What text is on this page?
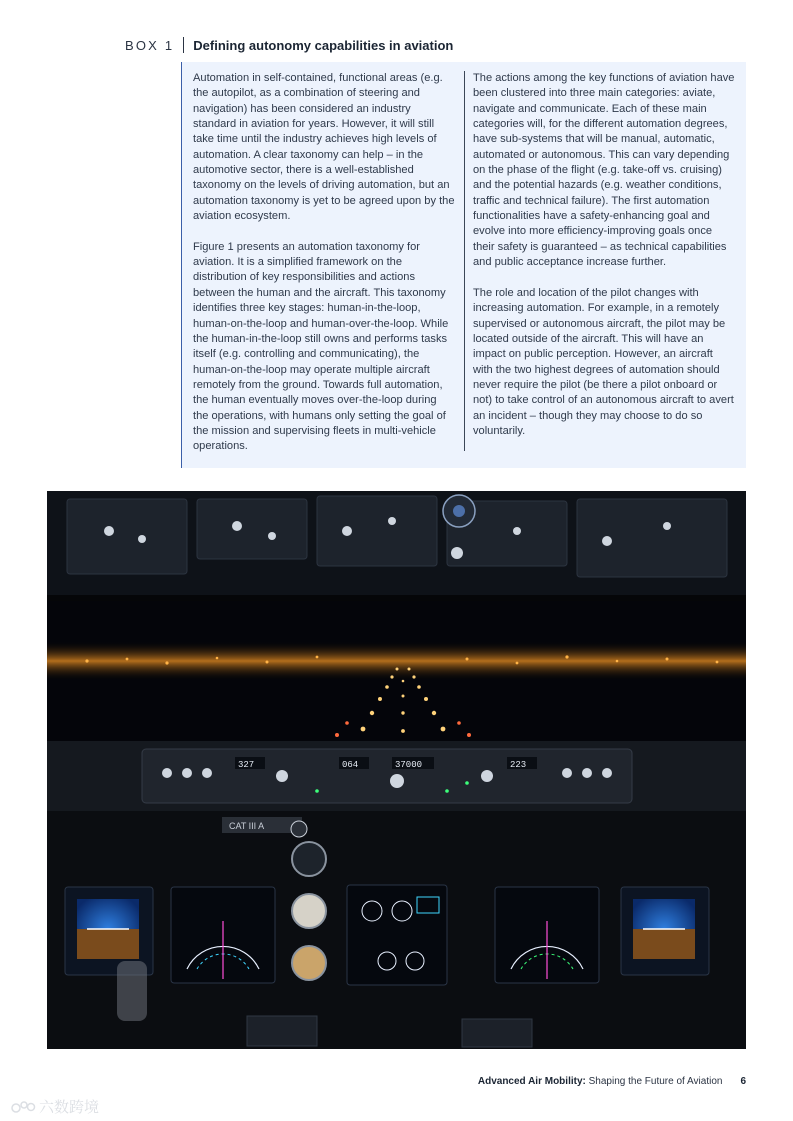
BOX 1 Defining autonomy capabilities in aviation

Automation in self-contained, functional areas (e.g. the autopilot, as a combination of steering and navigation) has been considered an industry standard in aviation for years. However, it will still take time until the industry achieves high levels of automation. A clear taxonomy can help – in the automotive sector, there is a well-established taxonomy on the levels of driving automation, but an automation taxonomy is yet to be agreed upon by the aviation ecosystem.

Figure 1 presents an automation taxonomy for aviation. It is a simplified framework on the distribution of key responsibilities and actions between the human and the aircraft. This taxonomy identifies three key stages: human-in-the-loop, human-on-the-loop and human-over-the-loop. While the human-in-the-loop still owns and performs tasks itself (e.g. controlling and communicating), the human-on-the-loop may operate multiple aircraft remotely from the ground. Towards full automation, the human eventually moves over-the-loop during the operations, with humans only setting the goal of the mission and supervising fleets in multi-vehicle operations.

The actions among the key functions of aviation have been clustered into three main categories: aviate, navigate and communicate. Each of these main categories will, for the different automation degrees, have sub-systems that will be manual, automatic, automated or autonomous. This can vary depending on the phase of the flight (e.g. take-off vs. cruising) and the potential hazards (e.g. weather conditions, traffic and technical failure). The first automation functionalities have a safety-enhancing goal and evolve into more efficiency-improving goals once their safety is guaranteed – as technical capabilities and public acceptance increase further.

The role and location of the pilot changes with increasing automation. For example, in a remotely supervised or autonomous aircraft, the pilot may be located outside of the aircraft. This will have an impact on public perception. However, an aircraft with the two highest degrees of automation should never require the pilot (be there a pilot onboard or not) to take control of an autonomous aircraft to avert an incident – though they may choose to do so voluntarily.

327	064	37000	223
CAT III A
Advanced Air Mobility: Shaping the Future of Aviation 6
六数跨境
